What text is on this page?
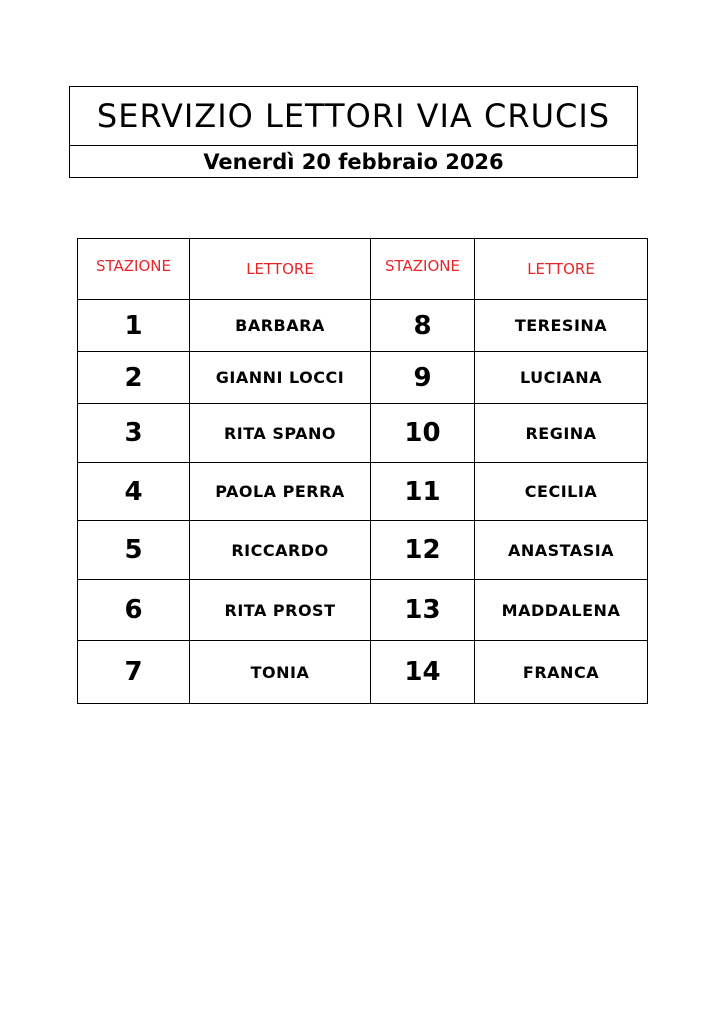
SERVIZIO LETTORI VIA CRUCIS
Venerdì 20 febbraio 2026
STAZIONE	LETTORE	STAZIONE	LETTORE
1	BARBARA	8	TERESINA
2	GIANNI LOCCI	9	LUCIANA
3	RITA SPANO	10	REGINA
4	PAOLA PERRA	11	CECILIA
5	RICCARDO	12	ANASTASIA
6	RITA PROST	13	MADDALENA
7	TONIA	14	FRANCA
